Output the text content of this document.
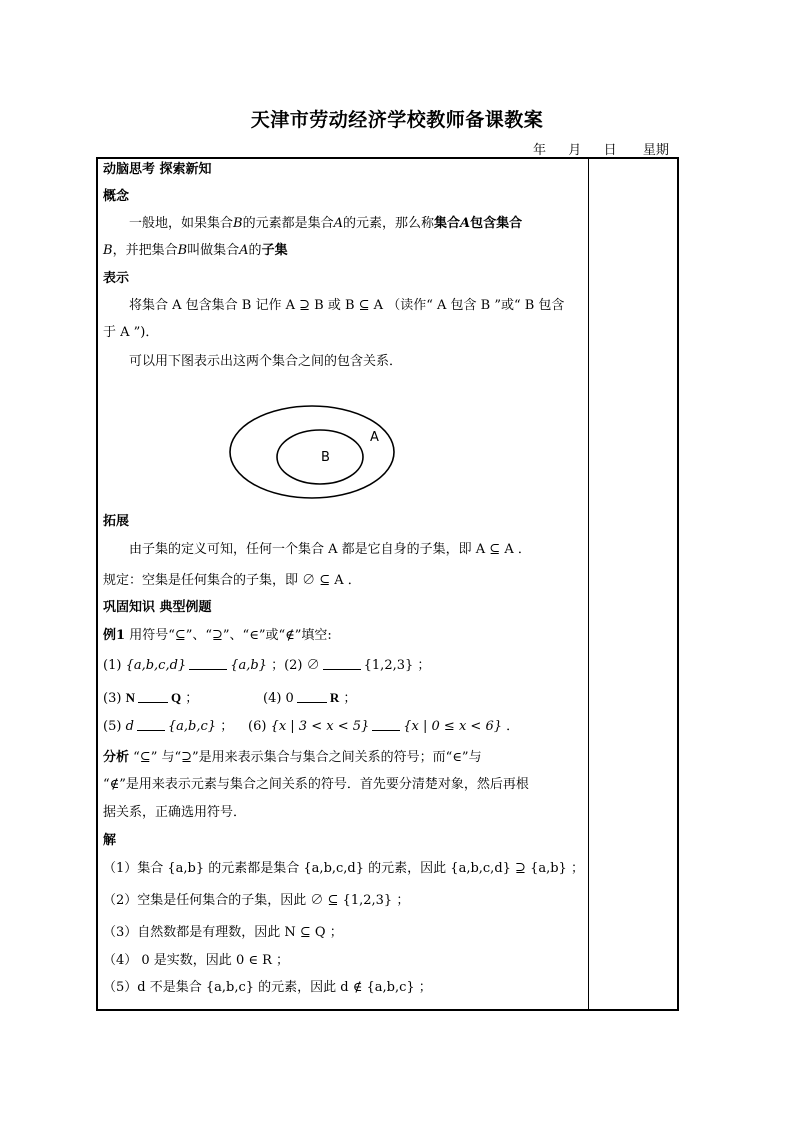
天津市劳动经济学校教师备课教案
年 月 日 星期
动脑思考 探索新知
概念
一般地，如果集合B的元素都是集合A的元素，那么称集合A包含集合
B，并把集合B叫做集合A的子集
表示
将集合 A 包含集合 B 记作 A ⊇ B 或 B ⊆ A （读作“ A 包含 B ”或“ B 包含
于 A ”)．
可以用下图表示出这两个集合之间的包含关系．
拓展
由子集的定义可知，任何一个集合 A 都是它自身的子集，即 A ⊆ A ．
规定：空集是任何集合的子集，即 ∅ ⊆ A ．
巩固知识 典型例题
例1 用符号“⊆”、“⊇”、“∈”或“∉”填空:
(1) {a,b,c,d}	{a,b} ；(2) ∅	{1,2,3} ；
(3) N	Q ；	(4) 0	R ；
(5) d	{a,b,c} ； (6) {x | 3 < x < 5}	{x | 0 ≤ x < 6} ．
分析 “⊆” 与“⊇”是用来表示集合与集合之间关系的符号；而“∈”与
“∉”是用来表示元素与集合之间关系的符号．首先要分清楚对象，然后再根
据关系，正确选用符号．
解
（1）集合 {a,b} 的元素都是集合 {a,b,c,d} 的元素，因此 {a,b,c,d} ⊇ {a,b} ；
（2）空集是任何集合的子集，因此 ∅ ⊆ {1,2,3} ；
（3）自然数都是有理数，因此 N ⊆ Q ；
（4） 0 是实数，因此 0 ∈ R ；
（5）d 不是集合 {a,b,c} 的元素，因此 d ∉ {a,b,c} ；
A
B
